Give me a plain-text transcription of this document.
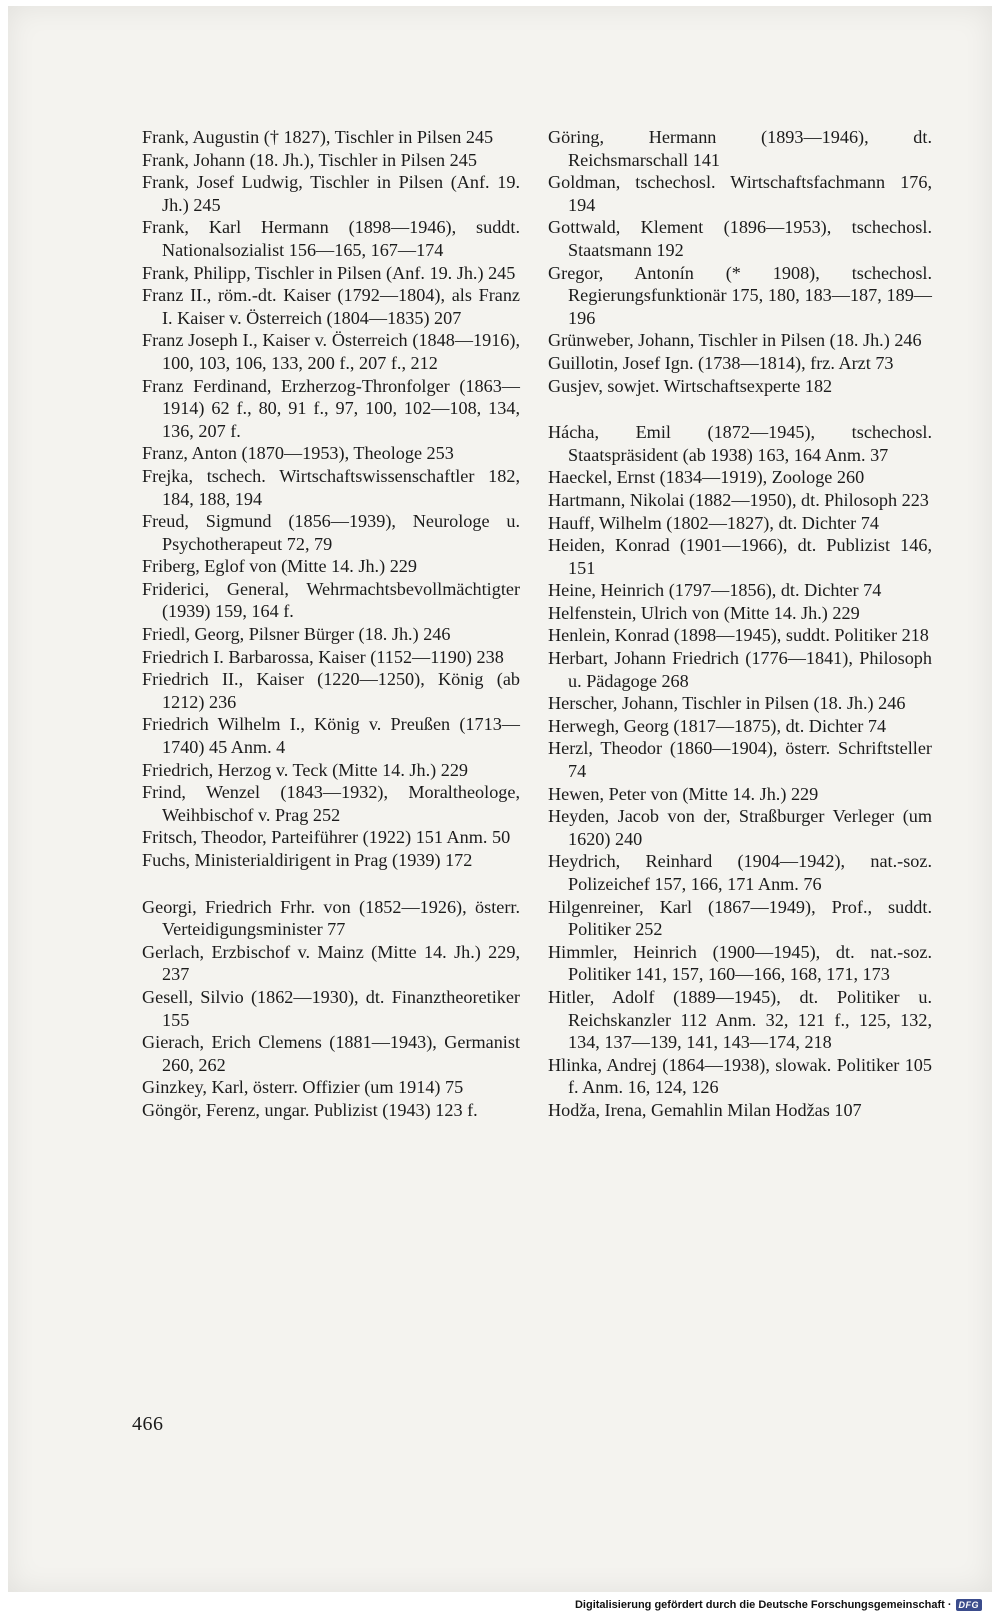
Frank, Augustin († 1827), Tischler in Pilsen 245
Frank, Johann (18. Jh.), Tischler in Pilsen 245
Frank, Josef Ludwig, Tischler in Pilsen (Anf. 19. Jh.) 245
Frank, Karl Hermann (1898—1946), suddt. Nationalsozialist 156—165, 167—174
Frank, Philipp, Tischler in Pilsen (Anf. 19. Jh.) 245
Franz II., röm.-dt. Kaiser (1792—1804), als Franz I. Kaiser v. Österreich (1804—1835) 207
Franz Joseph I., Kaiser v. Österreich (1848—1916), 100, 103, 106, 133, 200 f., 207 f., 212
Franz Ferdinand, Erzherzog-Thronfolger (1863—1914) 62 f., 80, 91 f., 97, 100, 102—108, 134, 136, 207 f.
Franz, Anton (1870—1953), Theologe 253
Frejka, tschech. Wirtschaftswissenschaftler 182, 184, 188, 194
Freud, Sigmund (1856—1939), Neurologe u. Psychotherapeut 72, 79
Friberg, Eglof von (Mitte 14. Jh.) 229
Friderici, General, Wehrmachtsbevollmächtigter (1939) 159, 164 f.
Friedl, Georg, Pilsner Bürger (18. Jh.) 246
Friedrich I. Barbarossa, Kaiser (1152—1190) 238
Friedrich II., Kaiser (1220—1250), König (ab 1212) 236
Friedrich Wilhelm I., König v. Preußen (1713—1740) 45 Anm. 4
Friedrich, Herzog v. Teck (Mitte 14. Jh.) 229
Frind, Wenzel (1843—1932), Moraltheologe, Weihbischof v. Prag 252
Fritsch, Theodor, Parteiführer (1922) 151 Anm. 50
Fuchs, Ministerialdirigent in Prag (1939) 172
Georgi, Friedrich Frhr. von (1852—1926), österr. Verteidigungsminister 77
Gerlach, Erzbischof v. Mainz (Mitte 14. Jh.) 229, 237
Gesell, Silvio (1862—1930), dt. Finanztheoretiker 155
Gierach, Erich Clemens (1881—1943), Germanist 260, 262
Ginzkey, Karl, österr. Offizier (um 1914) 75
Göngör, Ferenz, ungar. Publizist (1943) 123 f.
Göring, Hermann (1893—1946), dt. Reichsmarschall 141
Goldman, tschechosl. Wirtschaftsfachmann 176, 194
Gottwald, Klement (1896—1953), tschechosl. Staatsmann 192
Gregor, Antonín (* 1908), tschechosl. Regierungsfunktionär 175, 180, 183—187, 189—196
Grünweber, Johann, Tischler in Pilsen (18. Jh.) 246
Guillotin, Josef Ign. (1738—1814), frz. Arzt 73
Gusjev, sowjet. Wirtschaftsexperte 182
Hácha, Emil (1872—1945), tschechosl. Staatspräsident (ab 1938) 163, 164 Anm. 37
Haeckel, Ernst (1834—1919), Zoologe 260
Hartmann, Nikolai (1882—1950), dt. Philosoph 223
Hauff, Wilhelm (1802—1827), dt. Dichter 74
Heiden, Konrad (1901—1966), dt. Publizist 146, 151
Heine, Heinrich (1797—1856), dt. Dichter 74
Helfenstein, Ulrich von (Mitte 14. Jh.) 229
Henlein, Konrad (1898—1945), suddt. Politiker 218
Herbart, Johann Friedrich (1776—1841), Philosoph u. Pädagoge 268
Herscher, Johann, Tischler in Pilsen (18. Jh.) 246
Herwegh, Georg (1817—1875), dt. Dichter 74
Herzl, Theodor (1860—1904), österr. Schriftsteller 74
Hewen, Peter von (Mitte 14. Jh.) 229
Heyden, Jacob von der, Straßburger Verleger (um 1620) 240
Heydrich, Reinhard (1904—1942), nat.-soz. Polizeichef 157, 166, 171 Anm. 76
Hilgenreiner, Karl (1867—1949), Prof., suddt. Politiker 252
Himmler, Heinrich (1900—1945), dt. nat.-soz. Politiker 141, 157, 160—166, 168, 171, 173
Hitler, Adolf (1889—1945), dt. Politiker u. Reichskanzler 112 Anm. 32, 121 f., 125, 132, 134, 137—139, 141, 143—174, 218
Hlinka, Andrej (1864—1938), slowak. Politiker 105 f. Anm. 16, 124, 126
Hodža, Irena, Gemahlin Milan Hodžas 107
466
Digitalisierung gefördert durch die Deutsche Forschungsgemeinschaft · DFG
